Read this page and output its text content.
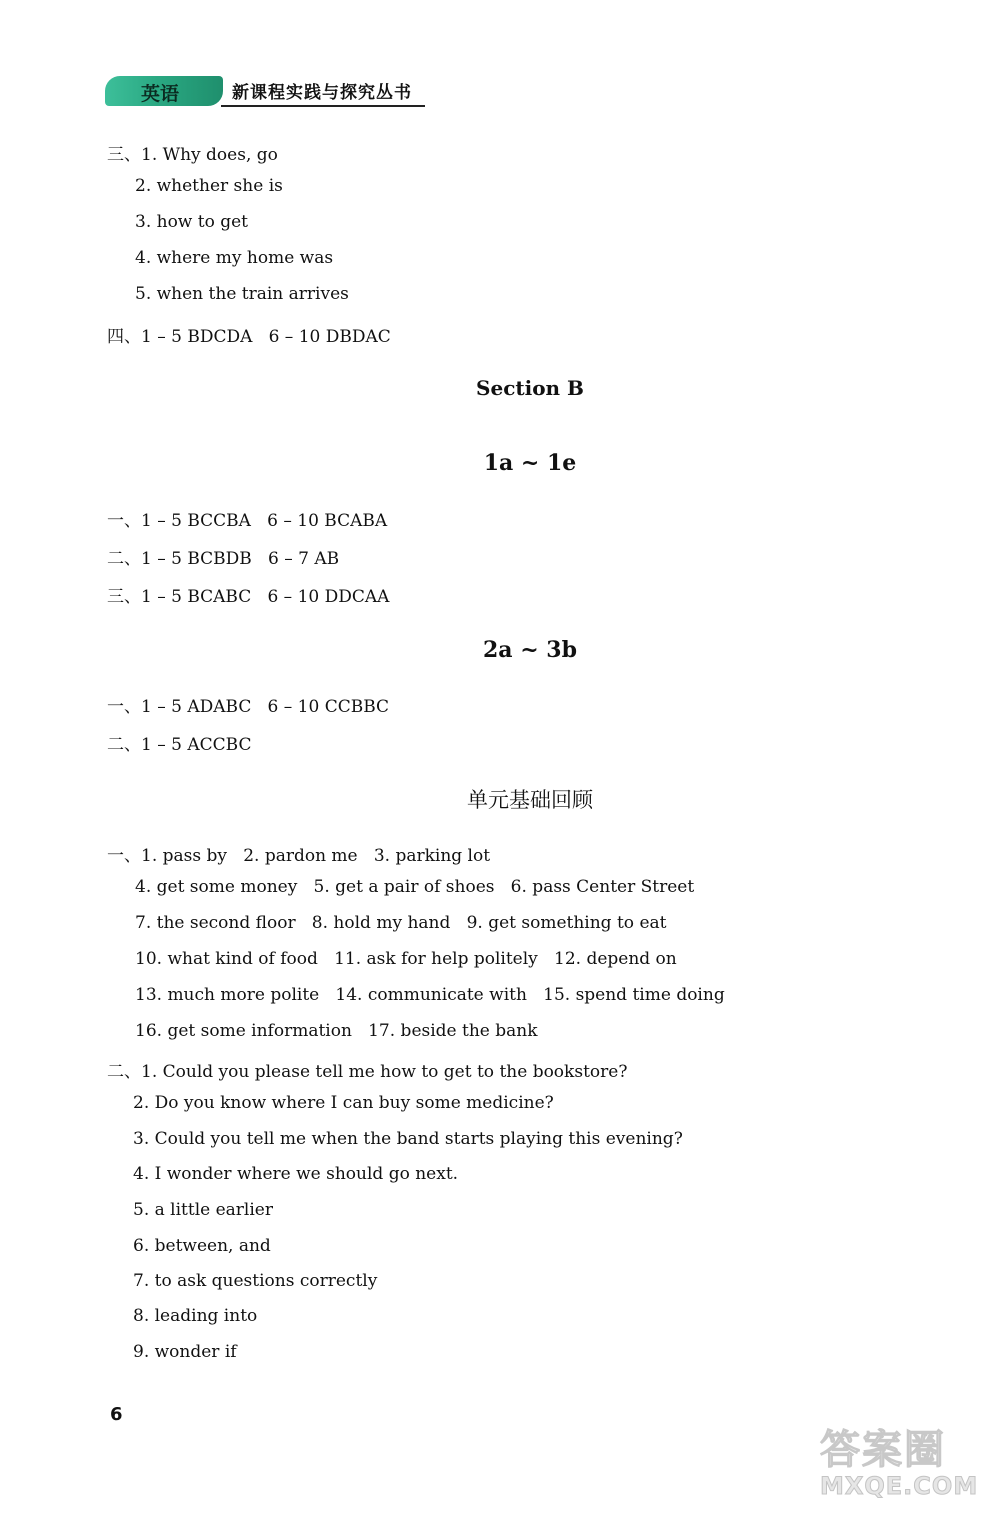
英语	新课程实践与探究丛书
三、1. Why does, go
2. whether she is
3. how to get
4. where my home was
5. when the train arrives
四、1 – 5 BDCDA   6 – 10 DBDAC
Section B
1a ~ 1e
一、1 – 5 BCCBA   6 – 10 BCABA
二、1 – 5 BCBDB   6 – 7 AB
三、1 – 5 BCABC   6 – 10 DDCAA
2a ~ 3b
一、1 – 5 ADABC   6 – 10 CCBBC
二、1 – 5 ACCBC
单元基础回顾
一、1. pass by   2. pardon me   3. parking lot
4. get some money   5. get a pair of shoes   6. pass Center Street
7. the second floor   8. hold my hand   9. get something to eat
10. what kind of food   11. ask for help politely   12. depend on
13. much more polite   14. communicate with   15. spend time doing
16. get some information   17. beside the bank
二、1. Could you please tell me how to get to the bookstore?
2. Do you know where I can buy some medicine?
3. Could you tell me when the band starts playing this evening?
4. I wonder where we should go next.
5. a little earlier
6. between, and
7. to ask questions correctly
8. leading into
9. wonder if
6
答案圈
MXQE.COM
